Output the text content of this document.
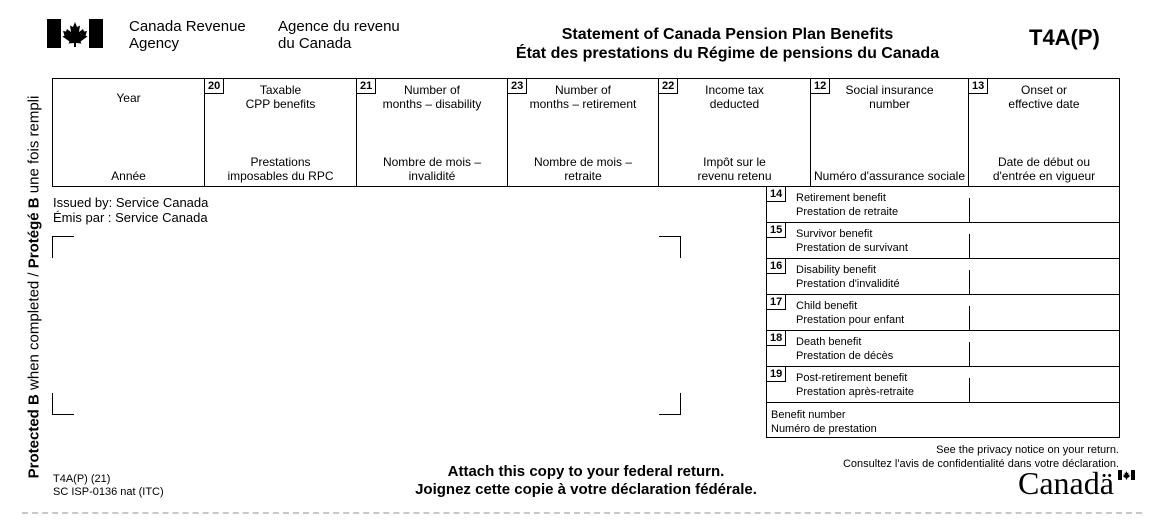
Canada Revenue
Agency
Agence du revenu
du Canada
Statement of Canada Pension Plan Benefits
État des prestations du Régime de pensions du Canada
T4A(P)
Protected B when completed / Protégé B une fois rempli	Year
Année
20	Taxable
CPP benefits
Prestations
imposables du RPC
21	Number of
months – disability
Nombre de mois –
invalidité
23	Number of
months – retirement
Nombre de mois –
retraite
22	Income tax
deducted
Impôt sur le
revenu retenu
12	Social insurance
number
Numéro d'assurance sociale
13	Onset or
effective date
Date de début ou
d'entrée en vigueur
Issued by: Service Canada
Émis par : Service Canada
14	Retirement benefit
Prestation de retraite
15	Survivor benefit
Prestation de survivant
16	Disability benefit
Prestation d'invalidité
17	Child benefit
Prestation pour enfant
18	Death benefit
Prestation de décès
19	Post-retirement benefit
Prestation après-retraite
Benefit number
Numéro de prestation
See the privacy notice on your return.
Consultez l'avis de confidentialité dans votre déclaration.
Attach this copy to your federal return.
Joignez cette copie à votre déclaration fédérale.
T4A(P) (21)
SC ISP-0136 nat (ITC)	Canadä
